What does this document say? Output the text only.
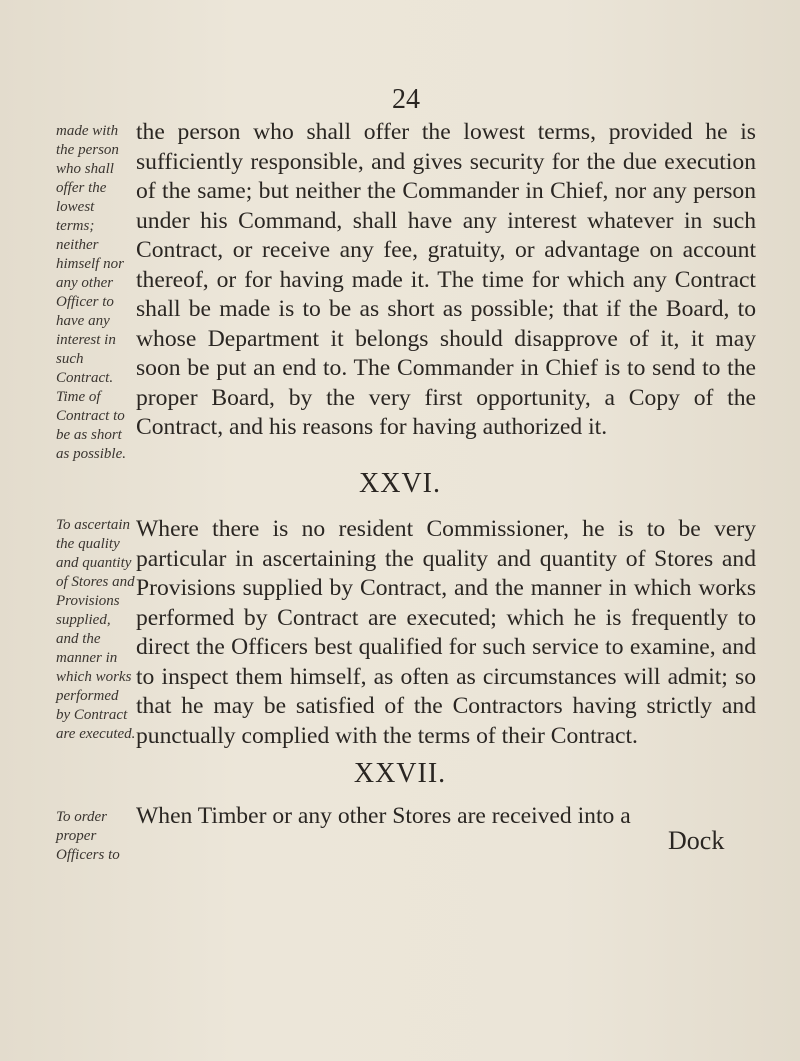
24
made with the person who shall offer the lowest terms; neither himself nor any other Officer to have any interest in such Contract. Time of Contract to be as short as possible.

the person who shall offer the lowest terms, provided he is sufficiently responsible, and gives security for the due execution of the same; but neither the Commander in Chief, nor any person under his Command, shall have any interest whatever in such Contract, or receive any fee, gratuity, or advantage on account thereof, or for having made it. The time for which any Contract shall be made is to be as short as possible; that if the Board, to whose Department it belongs should disapprove of it, it may soon be put an end to. The Commander in Chief is to send to the proper Board, by the very first opportunity, a Copy of the Contract, and his reasons for having authorized it.

XXVI.
To ascertain the quality and quantity of Stores and Provisions supplied, and the manner in which works performed by Contract are executed.

Where there is no resident Commissioner, he is to be very particular in ascertaining the quality and quantity of Stores and Provisions supplied by Contract, and the manner in which works performed by Contract are executed; which he is frequently to direct the Officers best qualified for such service to examine, and to inspect them himself, as often as circumstances will admit; so that he may be satisfied of the Contractors having strictly and punctually complied with the terms of their Contract.

XXVII.
To order proper Officers to

When Timber or any other Stores are received into a

Dock
